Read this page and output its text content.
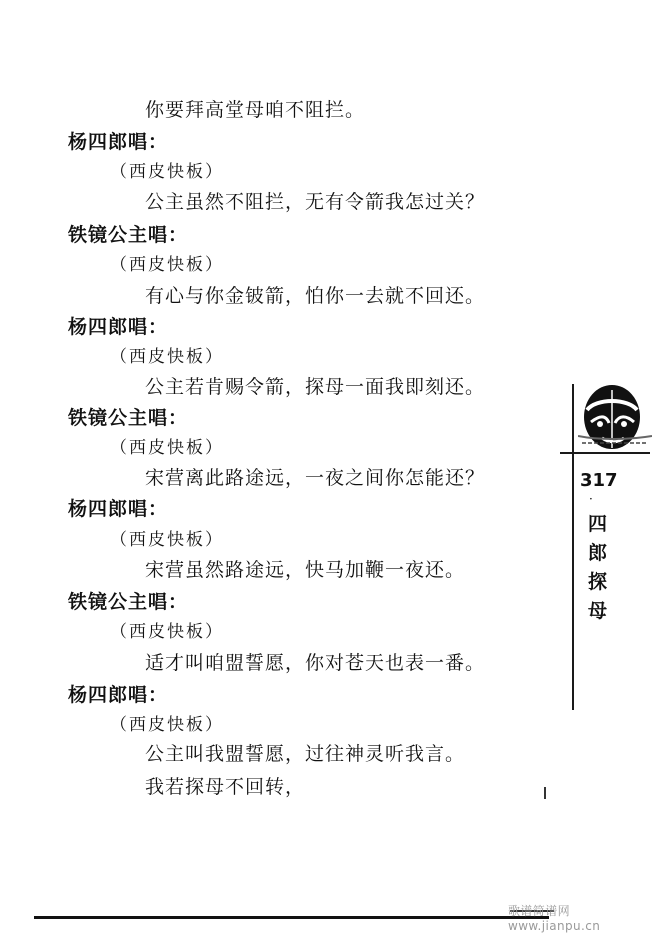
你要拜高堂母咱不阻拦。
杨四郎唱：
（西皮快板）
公主虽然不阻拦，无有令箭我怎过关？
铁镜公主唱：
（西皮快板）
有心与你金铍箭，怕你一去就不回还。
杨四郎唱：
（西皮快板）
公主若肯赐令箭，探母一面我即刻还。
铁镜公主唱：
（西皮快板）
宋营离此路途远，一夜之间你怎能还？
杨四郎唱：
（西皮快板）
宋营虽然路途远，快马加鞭一夜还。
铁镜公主唱：
（西皮快板）
适才叫咱盟誓愿，你对苍天也表一番。
杨四郎唱：
（西皮快板）
公主叫我盟誓愿，过往神灵听我言。
我若探母不回转，
317
·
四
郎
探
母
歌谱简谱网www.jianpu.cn
